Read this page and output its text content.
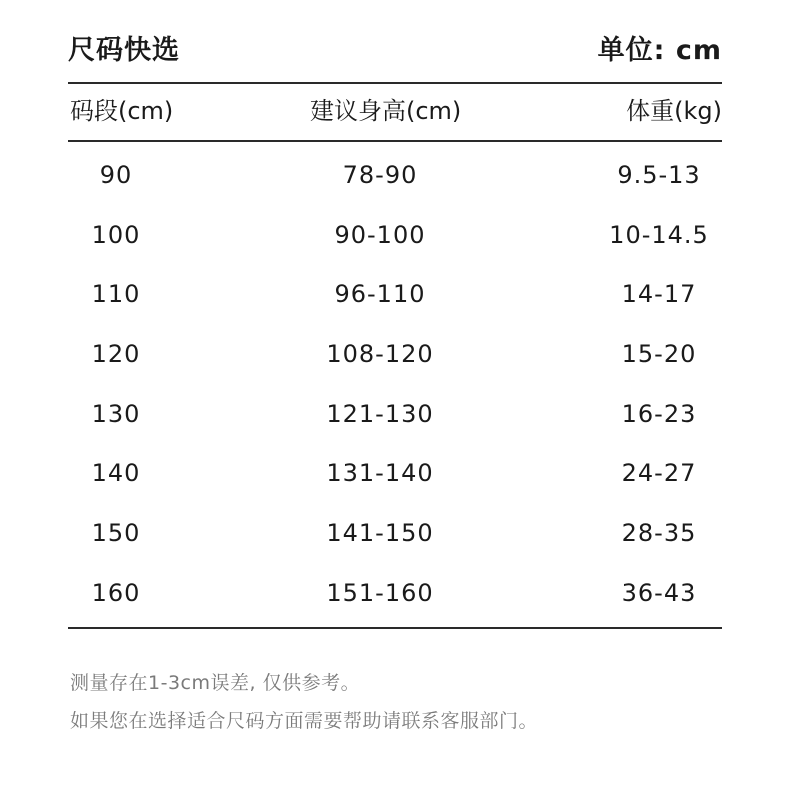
尺码快选	单位: cm
码段(cm)	建议身高(cm)	体重(kg)
90	78-90	9.5-13
100	90-100	10-14.5
110	96-110	14-17
120	108-120	15-20
130	121-130	16-23
140	131-140	24-27
150	141-150	28-35
160	151-160	36-43
测量存在1-3cm误差, 仅供参考。
如果您在选择适合尺码方面需要帮助请联系客服部门。
